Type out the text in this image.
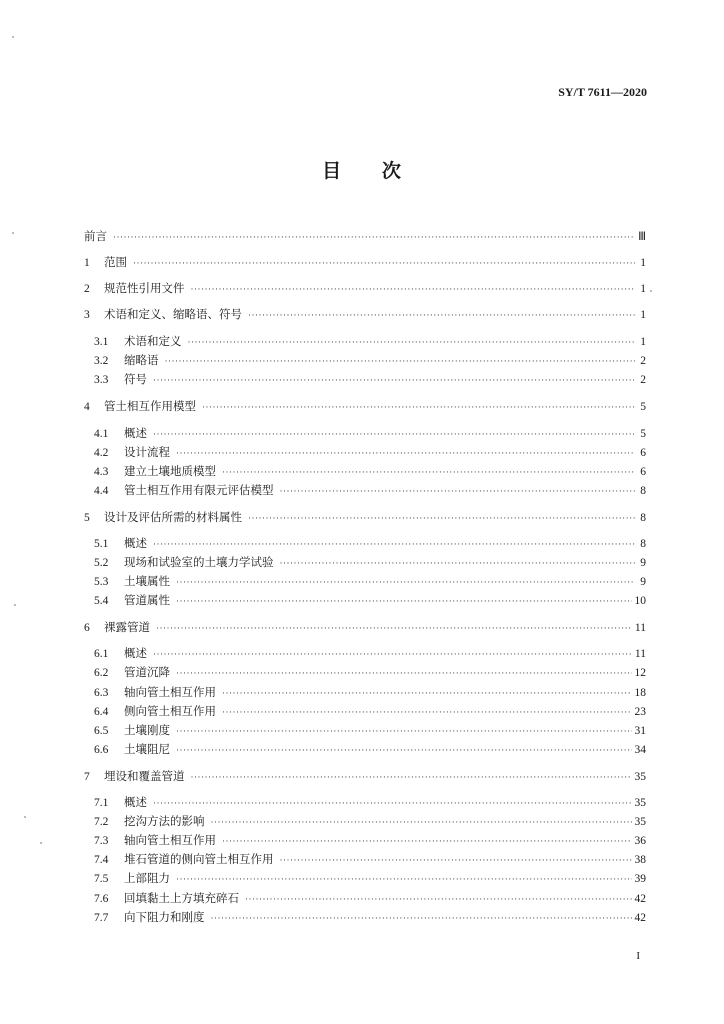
SY/T 7611—2020
目 次
前言 ·····	Ⅲ
1	范围 ·····	1
2	规范性引用文件 ·····	1
3	术语和定义、缩略语、符号 ·····	1
3.1	术语和定义 ·····	1
3.2	缩略语 ·····	2
3.3	符号 ·····	2
4	管土相互作用模型 ·····	5
4.1	概述 ·····	5
4.2	设计流程 ·····	6
4.3	建立土壤地质模型 ·····	6
4.4	管土相互作用有限元评估模型 ·····	8
5	设计及评估所需的材料属性 ·····	8
5.1	概述 ·····	8
5.2	现场和试验室的土壤力学试验 ·····	9
5.3	土壤属性 ·····	9
5.4	管道属性 ·····	10
6	裸露管道 ·····	11
6.1	概述 ·····	11
6.2	管道沉降 ·····	12
6.3	轴向管土相互作用 ·····	18
6.4	侧向管土相互作用 ·····	23
6.5	土壤刚度 ·····	31
6.6	土壤阻尼 ·····	34
7	埋设和覆盖管道 ·····	35
7.1	概述 ·····	35
7.2	挖沟方法的影响 ·····	35
7.3	轴向管土相互作用 ·····	36
7.4	堆石管道的侧向管土相互作用 ·····	38
7.5	上部阻力 ·····	39
7.6	回填黏土上方填充碎石 ·····	42
7.7	向下阻力和刚度 ·····	42
I
